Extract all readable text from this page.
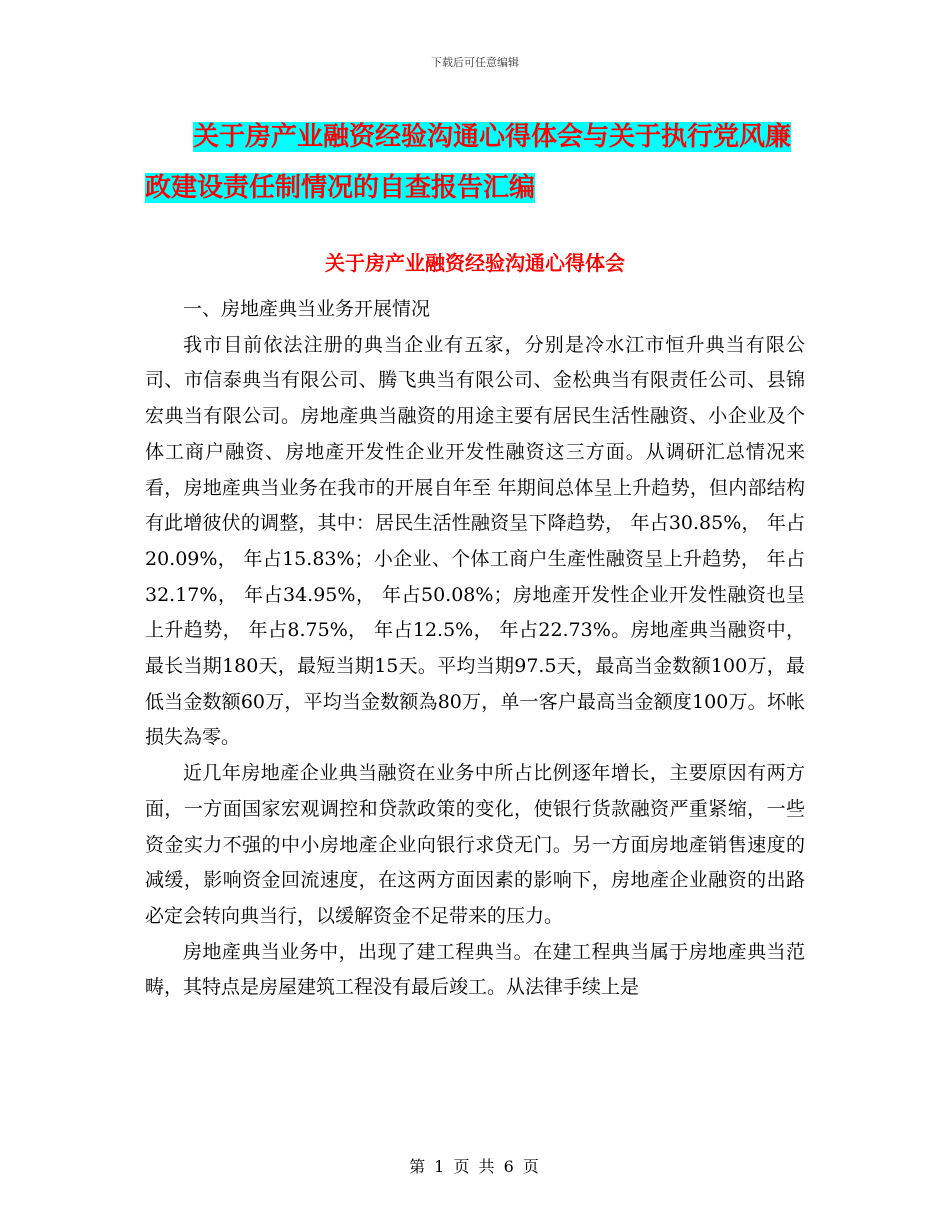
下载后可任意编辑
关于房产业融资经验沟通心得体会与关于执行党风廉
政建设责任制情况的自查报告汇编
关于房产业融资经验沟通心得体会

一、房地產典当业务开展情况

我市目前依法注册的典当企业有五家，分别是冷水江市恒升典当有限公司、市信泰典当有限公司、腾飞典当有限公司、金松典当有限责任公司、县锦宏典当有限公司。房地產典当融资的用途主要有居民生活性融资、小企业及个体工商户融资、房地產开发性企业开发性融资这三方面。从调研汇总情况来看，房地產典当业务在我市的开展自年至 年期间总体呈上升趋势，但内部结构有此增彼伏的调整，其中：居民生活性融资呈下降趋势， 年占30.85%， 年占20.09%， 年占15.83%；小企业、个体工商户生產性融资呈上升趋势， 年占32.17%， 年占34.95%， 年占50.08%；房地產开发性企业开发性融资也呈上升趋势， 年占8.75%， 年占12.5%， 年占22.73%。房地產典当融资中，最长当期180天，最短当期15天。平均当期97.5天，最高当金数额100万，最低当金数额60万，平均当金数额為80万，单一客户最高当金额度100万。坏帐损失為零。

近几年房地產企业典当融资在业务中所占比例逐年增长，主要原因有两方面，一方面国家宏观调控和贷款政策的变化，使银行货款融资严重紧缩，一些资金实力不强的中小房地產企业向银行求贷无门。另一方面房地產销售速度的减缓，影响资金回流速度，在这两方面因素的影响下，房地產企业融资的出路必定会转向典当行，以缓解资金不足带来的压力。

房地產典当业务中，出现了建工程典当。在建工程典当属于房地產典当范畴，其特点是房屋建筑工程没有最后竣工。从法律手续上是

第 1 页 共 6 页
